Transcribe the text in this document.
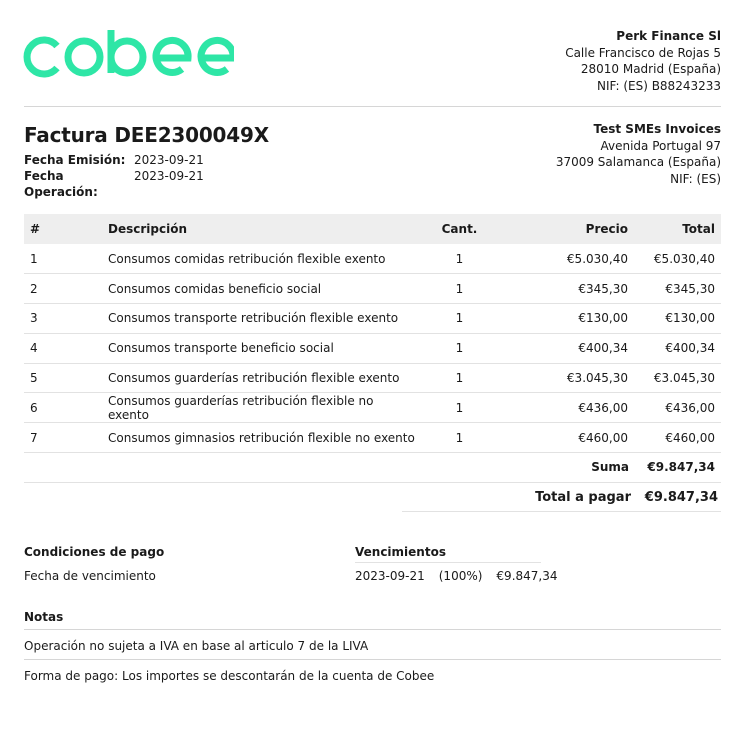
Perk Finance Sl
Calle Francisco de Rojas 5
28010 Madrid (España)
NIF: (ES) B88243233
Factura DEE2300049X
Fecha Emisión: 2023-09-21
Fecha Operación:
2023-09-21
Test SMEs Invoices
Avenida Portugal 97
37009 Salamanca (España)
NIF: (ES)
#	Descripción	Cant.	Precio	Total
1	Consumos comidas retribución flexible exento	1	€5.030,40	€5.030,40
2	Consumos comidas beneficio social	1	€345,30	€345,30
3	Consumos transporte retribución flexible exento	1	€130,00	€130,00
4	Consumos transporte beneficio social	1	€400,34	€400,34
5	Consumos guarderías retribución flexible exento	1	€3.045,30	€3.045,30
6	Consumos guarderías retribución flexible no exento	1	€436,00	€436,00
7	Consumos gimnasios retribución flexible no exento	1	€460,00	€460,00
Suma €9.847,34
Total a pagar €9.847,34
Condiciones de pago
Fecha de vencimiento
Vencimientos
2023-09-21 (100%) €9.847,34
Notas
Operación no sujeta a IVA en base al articulo 7 de la LIVA
Forma de pago: Los importes se descontarán de la cuenta de Cobee
